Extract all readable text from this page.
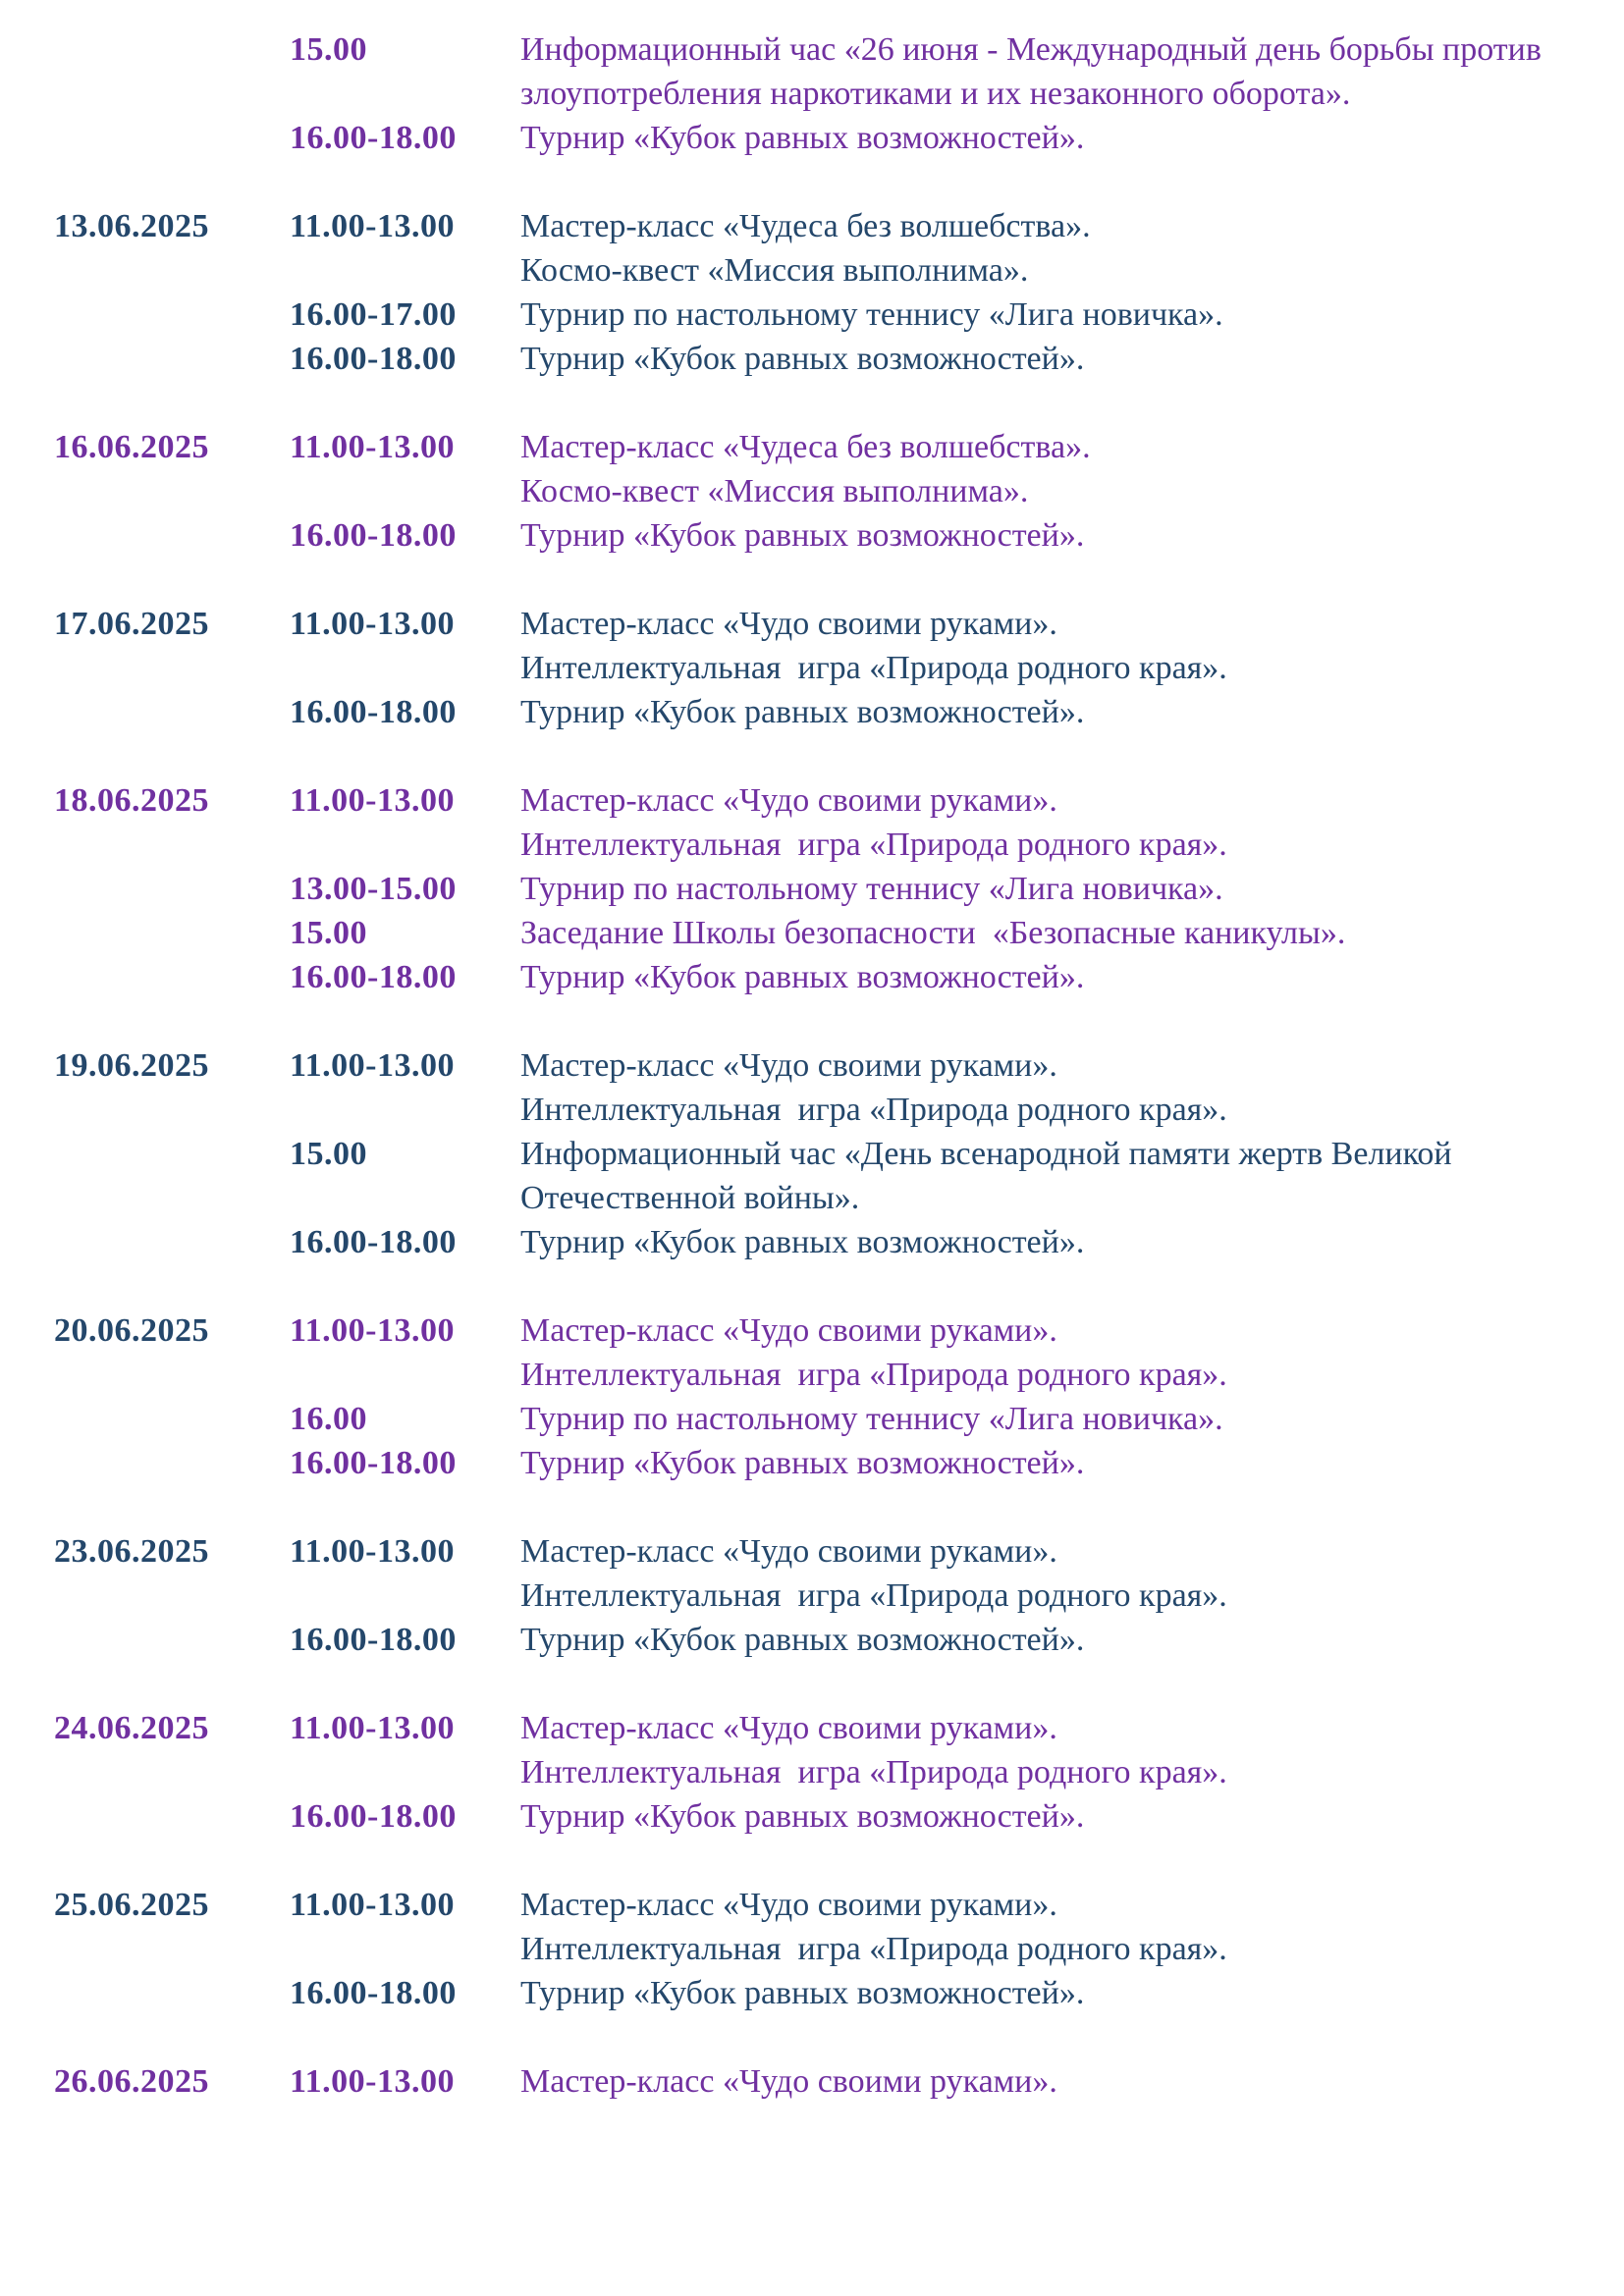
15.00	Информационный час «26 июня - Международный день борьбы против злоупотребления наркотиками и их незаконного оборота».
16.00-18.00	Турнир «Кубок равных возможностей».
13.06.2025	11.00-13.00	Мастер-класс «Чудеса без волшебства».
Космо-квест «Миссия выполнима».
16.00-17.00	Турнир по настольному теннису «Лига новичка».
16.00-18.00	Турнир «Кубок равных возможностей».
16.06.2025	11.00-13.00	Мастер-класс «Чудеса без волшебства».
Космо-квест «Миссия выполнима».
16.00-18.00	Турнир «Кубок равных возможностей».
17.06.2025	11.00-13.00	Мастер-класс «Чудо своими руками».
Интеллектуальная  игра «Природа родного края».
16.00-18.00	Турнир «Кубок равных возможностей».
18.06.2025	11.00-13.00	Мастер-класс «Чудо своими руками».
Интеллектуальная  игра «Природа родного края».
13.00-15.00	Турнир по настольному теннису «Лига новичка».
15.00	Заседание Школы безопасности  «Безопасные каникулы».
16.00-18.00	Турнир «Кубок равных возможностей».
19.06.2025	11.00-13.00	Мастер-класс «Чудо своими руками».
Интеллектуальная  игра «Природа родного края».
15.00	Информационный час «День всенародной памяти жертв Великой Отечественной войны».
16.00-18.00	Турнир «Кубок равных возможностей».
20.06.2025	11.00-13.00	Мастер-класс «Чудо своими руками».
Интеллектуальная  игра «Природа родного края».
16.00	Турнир по настольному теннису «Лига новичка».
16.00-18.00	Турнир «Кубок равных возможностей».
23.06.2025	11.00-13.00	Мастер-класс «Чудо своими руками».
Интеллектуальная  игра «Природа родного края».
16.00-18.00	Турнир «Кубок равных возможностей».
24.06.2025	11.00-13.00	Мастер-класс «Чудо своими руками».
Интеллектуальная  игра «Природа родного края».
16.00-18.00	Турнир «Кубок равных возможностей».
25.06.2025	11.00-13.00	Мастер-класс «Чудо своими руками».
Интеллектуальная  игра «Природа родного края».
16.00-18.00	Турнир «Кубок равных возможностей».
26.06.2025	11.00-13.00	Мастер-класс «Чудо своими руками».
